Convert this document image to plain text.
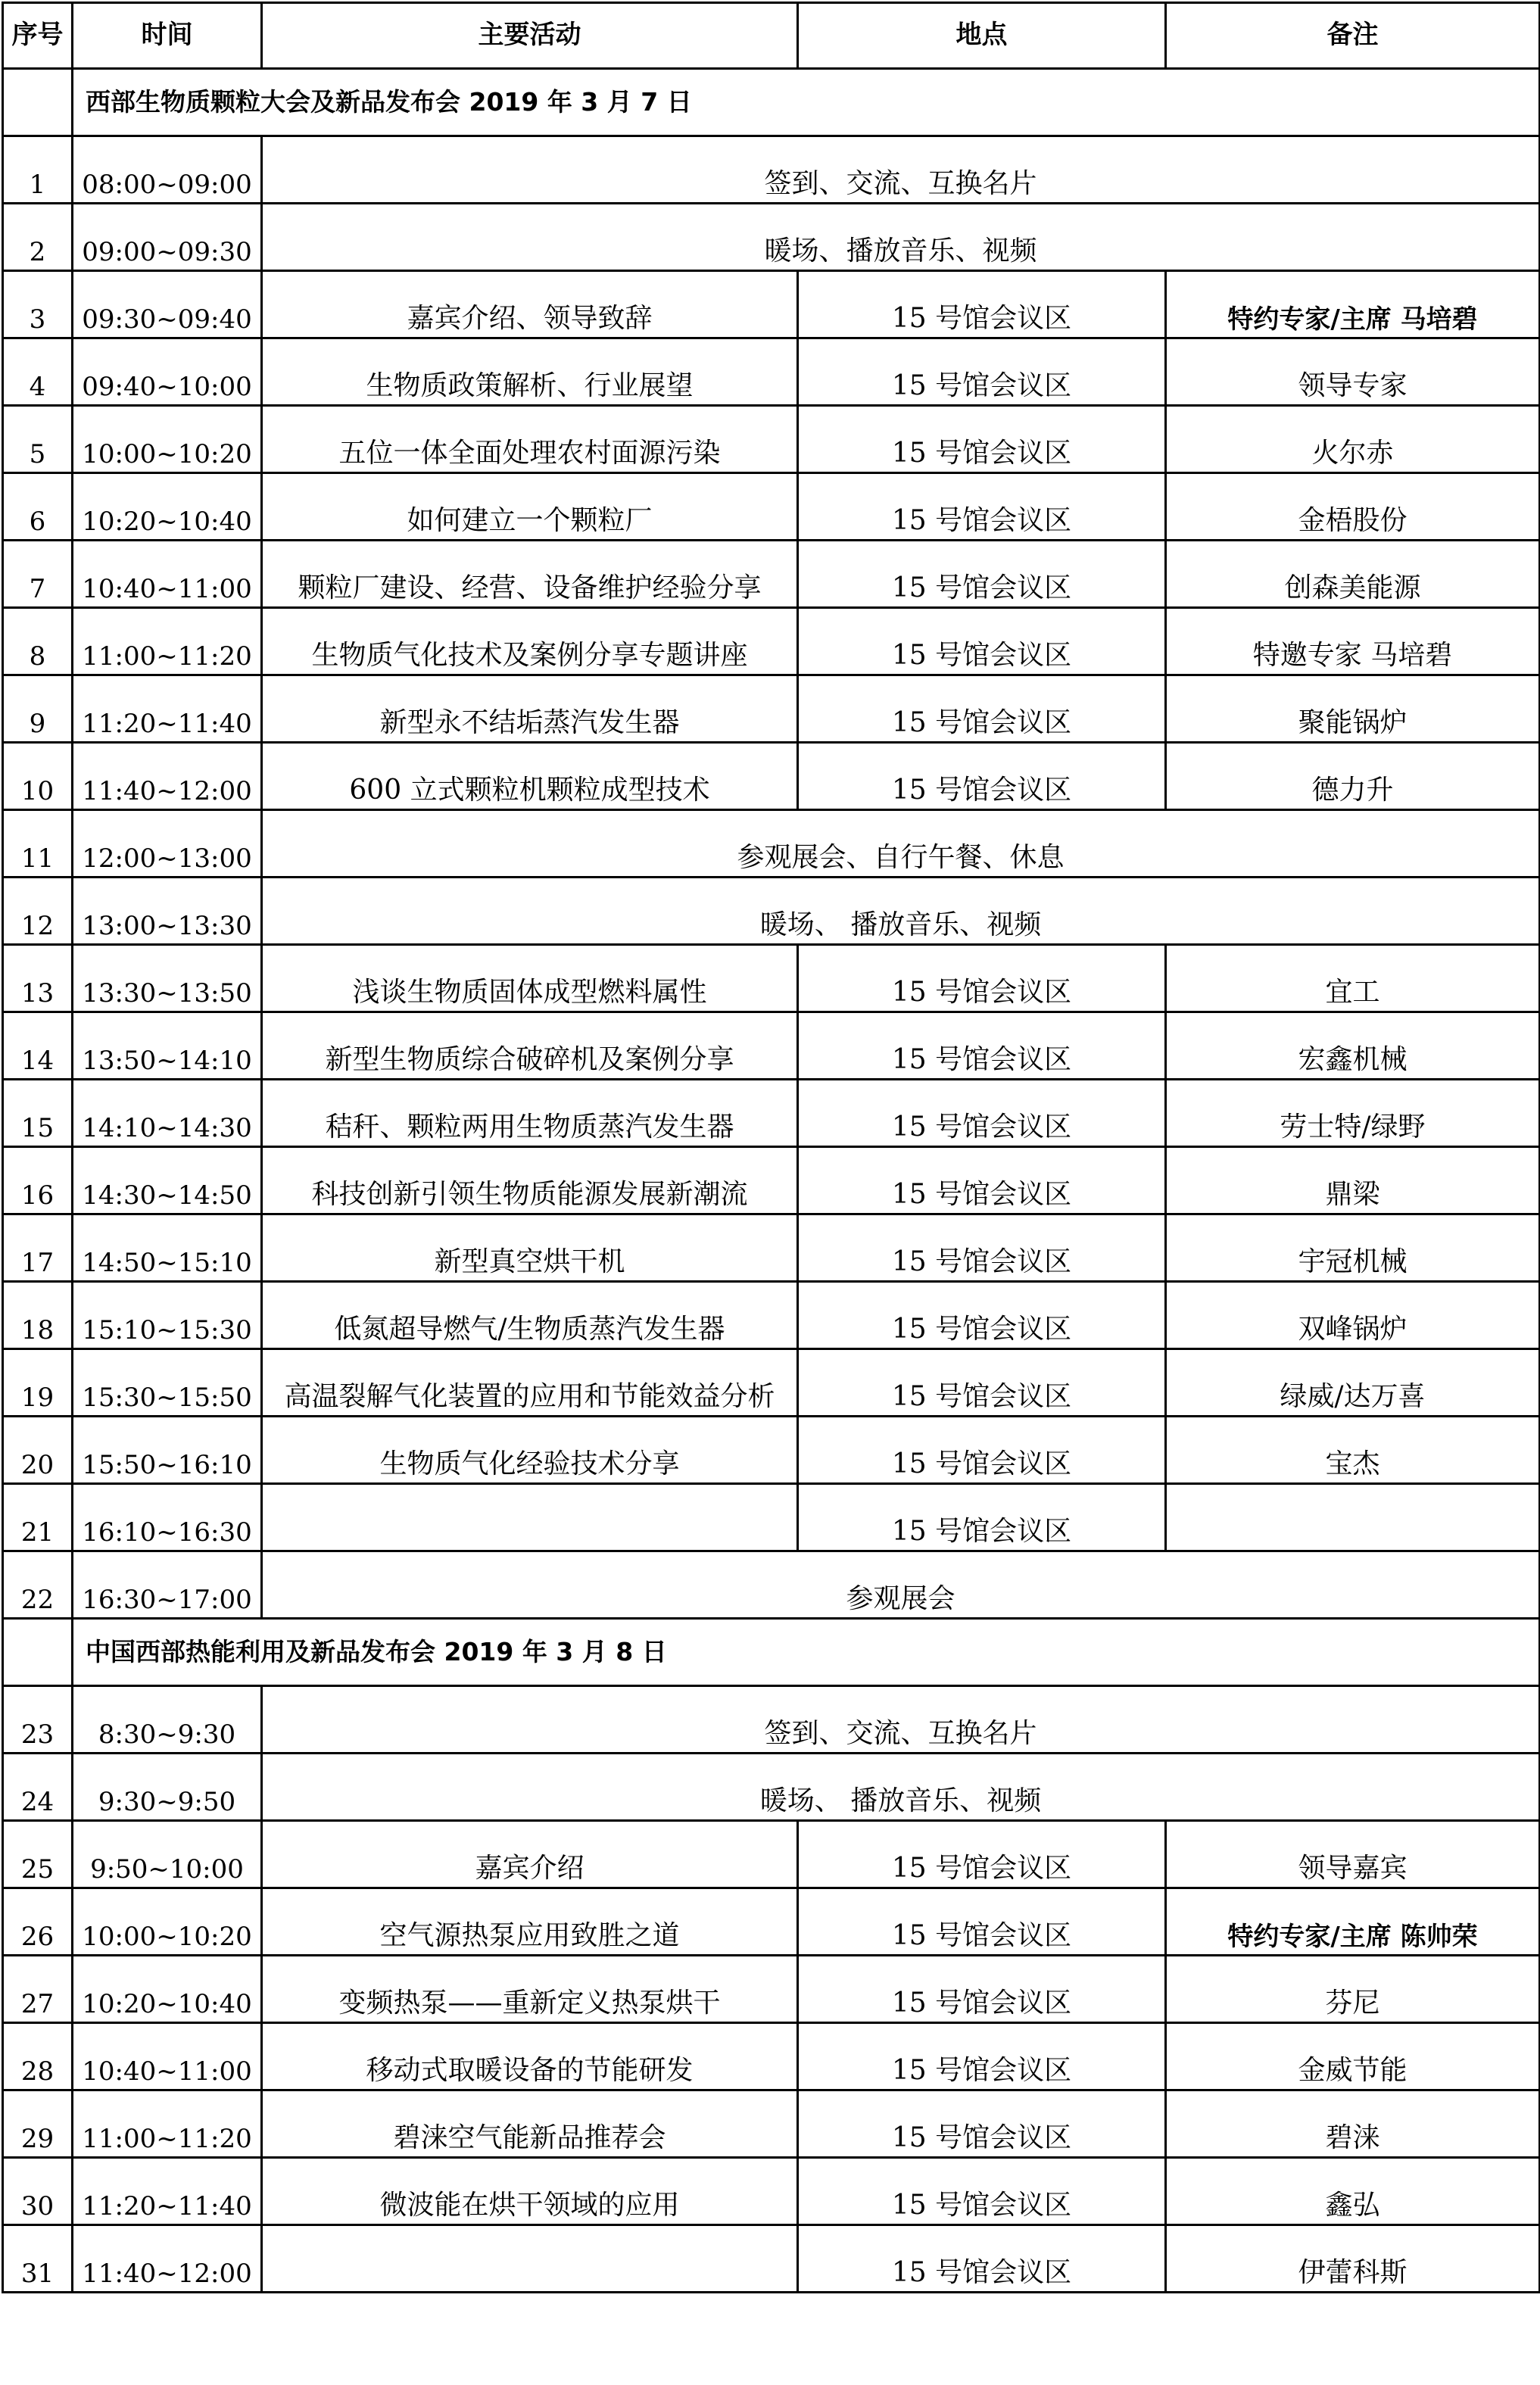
序号	时间	主要活动	地点	备注
	西部生物质颗粒大会及新品发布会 2019 年 3 月 7 日			
1	08:00~09:00	签到、交流、互换名片		
2	09:00~09:30	暖场、播放音乐、视频		
3	09:30~09:40	嘉宾介绍、领导致辞	15 号馆会议区	特约专家/主席 马培碧
4	09:40~10:00	生物质政策解析、行业展望	15 号馆会议区	领导专家
5	10:00~10:20	五位一体全面处理农村面源污染	15 号馆会议区	火尔赤
6	10:20~10:40	如何建立一个颗粒厂	15 号馆会议区	金梧股份
7	10:40~11:00	颗粒厂建设、经营、设备维护经验分享	15 号馆会议区	创森美能源
8	11:00~11:20	生物质气化技术及案例分享专题讲座	15 号馆会议区	特邀专家 马培碧
9	11:20~11:40	新型永不结垢蒸汽发生器	15 号馆会议区	聚能锅炉
10	11:40~12:00	600 立式颗粒机颗粒成型技术	15 号馆会议区	德力升
11	12:00~13:00	参观展会、自行午餐、休息		
12	13:00~13:30	暖场、 播放音乐、视频		
13	13:30~13:50	浅谈生物质固体成型燃料属性	15 号馆会议区	宜工
14	13:50~14:10	新型生物质综合破碎机及案例分享	15 号馆会议区	宏鑫机械
15	14:10~14:30	秸秆、颗粒两用生物质蒸汽发生器	15 号馆会议区	劳士特/绿野
16	14:30~14:50	科技创新引领生物质能源发展新潮流	15 号馆会议区	鼎梁
17	14:50~15:10	新型真空烘干机	15 号馆会议区	宇冠机械
18	15:10~15:30	低氮超导燃气/生物质蒸汽发生器	15 号馆会议区	双峰锅炉
19	15:30~15:50	高温裂解气化装置的应用和节能效益分析	15 号馆会议区	绿威/达万喜
20	15:50~16:10	生物质气化经验技术分享	15 号馆会议区	宝杰
21	16:10~16:30		15 号馆会议区	
22	16:30~17:00	参观展会		
	中国西部热能利用及新品发布会 2019 年 3 月 8 日			
23	8:30~9:30	签到、交流、互换名片		
24	9:30~9:50	暖场、 播放音乐、视频		
25	9:50~10:00	嘉宾介绍	15 号馆会议区	领导嘉宾
26	10:00~10:20	空气源热泵应用致胜之道	15 号馆会议区	特约专家/主席 陈帅荣
27	10:20~10:40	变频热泵——重新定义热泵烘干	15 号馆会议区	芬尼
28	10:40~11:00	移动式取暖设备的节能研发	15 号馆会议区	金威节能
29	11:00~11:20	碧涞空气能新品推荐会	15 号馆会议区	碧涞
30	11:20~11:40	微波能在烘干领域的应用	15 号馆会议区	鑫弘
31	11:40~12:00		15 号馆会议区	伊蕾科斯
